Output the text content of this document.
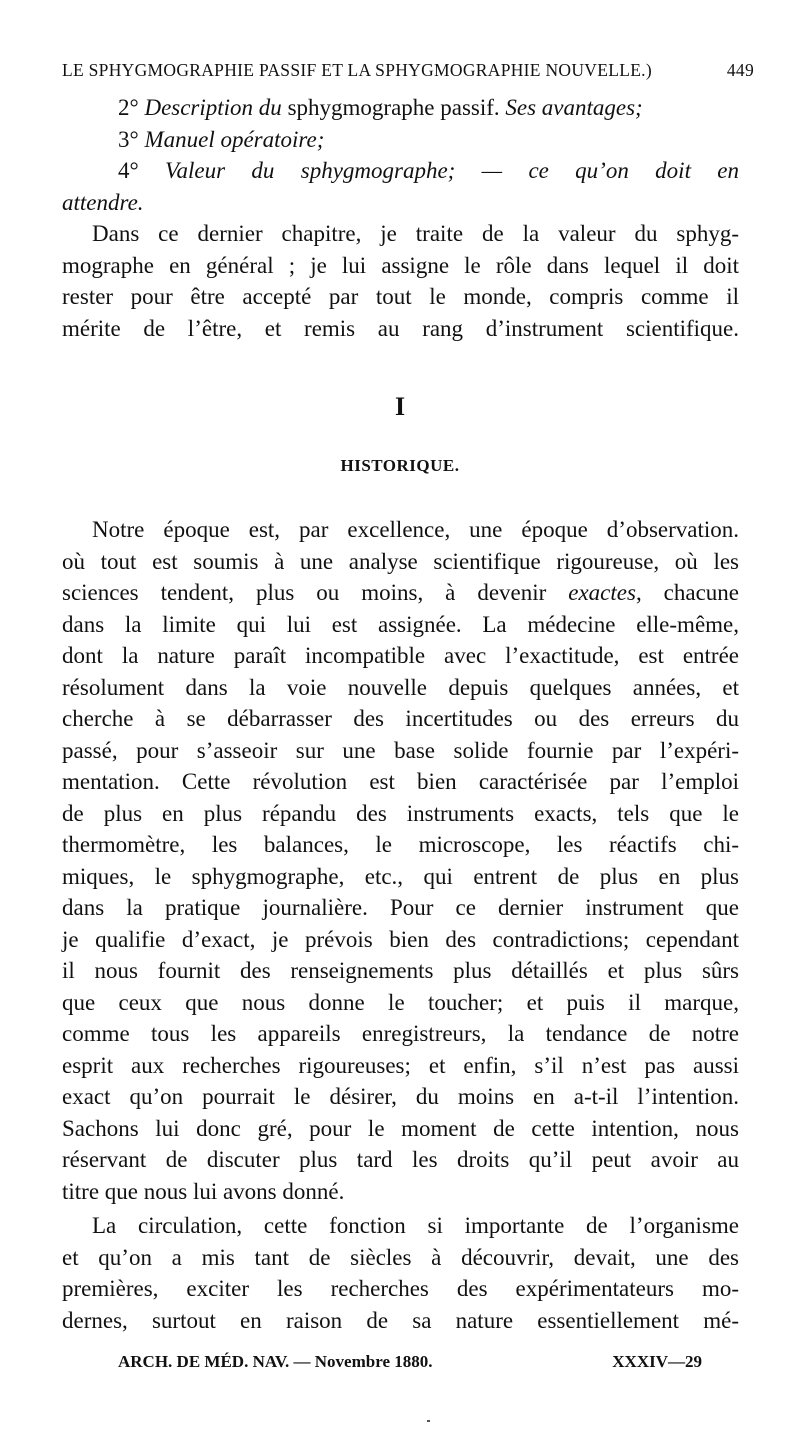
LE SPHYGMOGRAPHIE PASSIF ET LA SPHYGMOGRAPHIE NOUVELLE.)	449
2° Description du sphygmographe passif. Ses avantages;
3° Manuel opératoire;
4° Valeur du sphygmographe; — ce qu’on doit en
attendre.
Dans ce dernier chapitre, je traite de la valeur du sphyg-
mographe en général ; je lui assigne le rôle dans lequel il doit
rester pour être accepté par tout le monde, compris comme il
mérite de l’être, et remis au rang d’instrument scientifique.
I
HISTORIQUE.
Notre époque est, par excellence, une époque d’observation.
où tout est soumis à une analyse scientifique rigoureuse, où les
sciences tendent, plus ou moins, à devenir exactes, chacune
dans la limite qui lui est assignée. La médecine elle-même,
dont la nature paraît incompatible avec l’exactitude, est entrée
résolument dans la voie nouvelle depuis quelques années, et
cherche à se débarrasser des incertitudes ou des erreurs du
passé, pour s’asseoir sur une base solide fournie par l’expéri-
mentation. Cette révolution est bien caractérisée par l’emploi
de plus en plus répandu des instruments exacts, tels que le
thermomètre, les balances, le microscope, les réactifs chi-
miques, le sphygmographe, etc., qui entrent de plus en plus
dans la pratique journalière. Pour ce dernier instrument que
je qualifie d’exact, je prévois bien des contradictions; cependant
il nous fournit des renseignements plus détaillés et plus sûrs
que ceux que nous donne le toucher; et puis il marque,
comme tous les appareils enregistreurs, la tendance de notre
esprit aux recherches rigoureuses; et enfin, s’il n’est pas aussi
exact qu’on pourrait le désirer, du moins en a-t-il l’intention.
Sachons lui donc gré, pour le moment de cette intention, nous
réservant de discuter plus tard les droits qu’il peut avoir au
titre que nous lui avons donné.
La circulation, cette fonction si importante de l’organisme
et qu’on a mis tant de siècles à découvrir, devait, une des
premières, exciter les recherches des expérimentateurs mo-
dernes, surtout en raison de sa nature essentiellement mé-
ARCH. DE MÉD. NAV. — Novembre 1880.	XXXIV—29
